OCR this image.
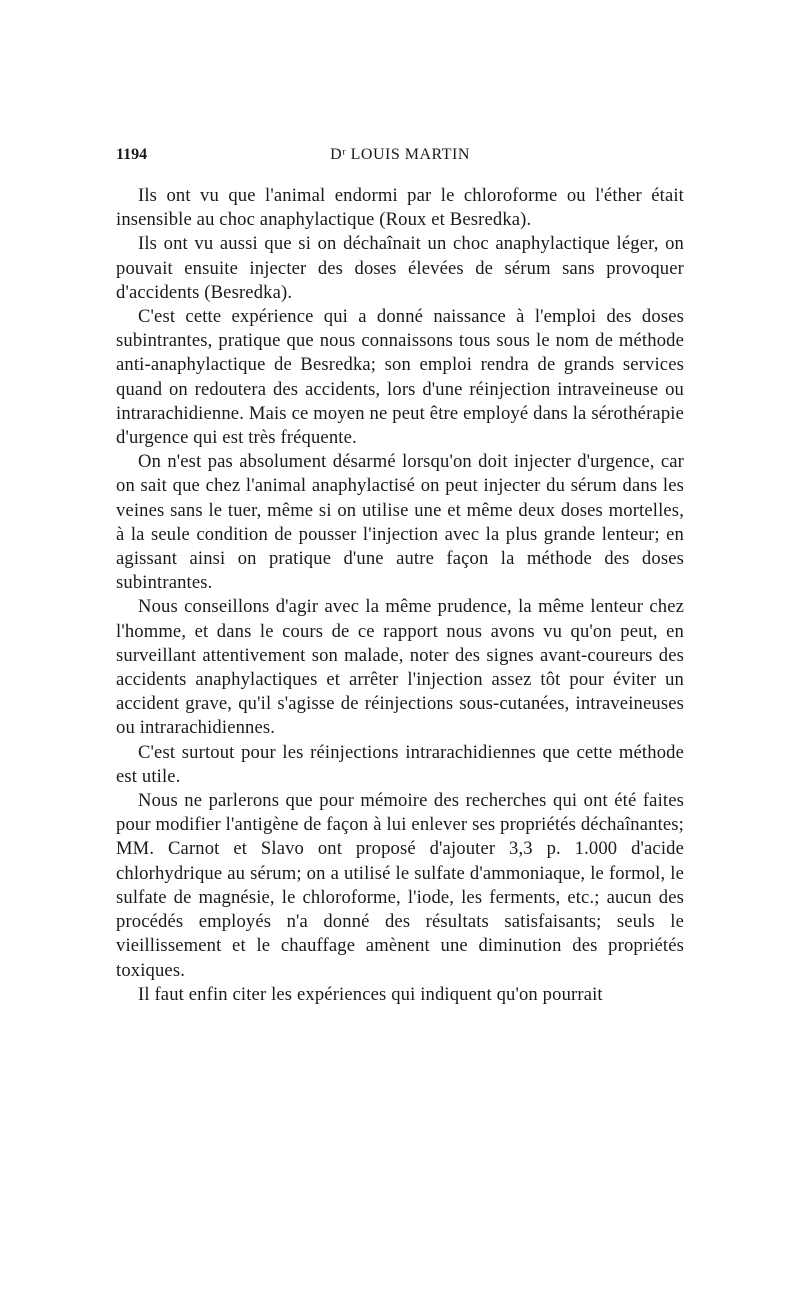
1194	Dʳ LOUIS MARTIN

Ils ont vu que l'animal endormi par le chloroforme ou l'éther était insensible au choc anaphylactique (Roux et Besredka).

Ils ont vu aussi que si on déchaînait un choc anaphylactique léger, on pouvait ensuite injecter des doses élevées de sérum sans provoquer d'accidents (Besredka).

C'est cette expérience qui a donné naissance à l'emploi des doses subintrantes, pratique que nous connaissons tous sous le nom de méthode anti-anaphylactique de Besredka; son emploi rendra de grands services quand on redoutera des accidents, lors d'une réinjection intraveineuse ou intrarachidienne. Mais ce moyen ne peut être employé dans la sérothérapie d'urgence qui est très fréquente.

On n'est pas absolument désarmé lorsqu'on doit injecter d'urgence, car on sait que chez l'animal anaphylactisé on peut injecter du sérum dans les veines sans le tuer, même si on utilise une et même deux doses mortelles, à la seule condition de pousser l'injection avec la plus grande lenteur; en agissant ainsi on pratique d'une autre façon la méthode des doses subintrantes.

Nous conseillons d'agir avec la même prudence, la même lenteur chez l'homme, et dans le cours de ce rapport nous avons vu qu'on peut, en surveillant attentivement son malade, noter des signes avant-coureurs des accidents anaphylactiques et arrêter l'injection assez tôt pour éviter un accident grave, qu'il s'agisse de réinjections sous-cutanées, intraveineuses ou intrarachidiennes.

C'est surtout pour les réinjections intrarachidiennes que cette méthode est utile.

Nous ne parlerons que pour mémoire des recherches qui ont été faites pour modifier l'antigène de façon à lui enlever ses propriétés déchaînantes; MM. Carnot et Slavo ont proposé d'ajouter 3,3 p. 1.000 d'acide chlorhydrique au sérum; on a utilisé le sulfate d'ammoniaque, le formol, le sulfate de magnésie, le chloroforme, l'iode, les ferments, etc.; aucun des procédés employés n'a donné des résultats satisfaisants; seuls le vieillissement et le chauffage amènent une diminution des propriétés toxiques.

Il faut enfin citer les expériences qui indiquent qu'on pourrait
